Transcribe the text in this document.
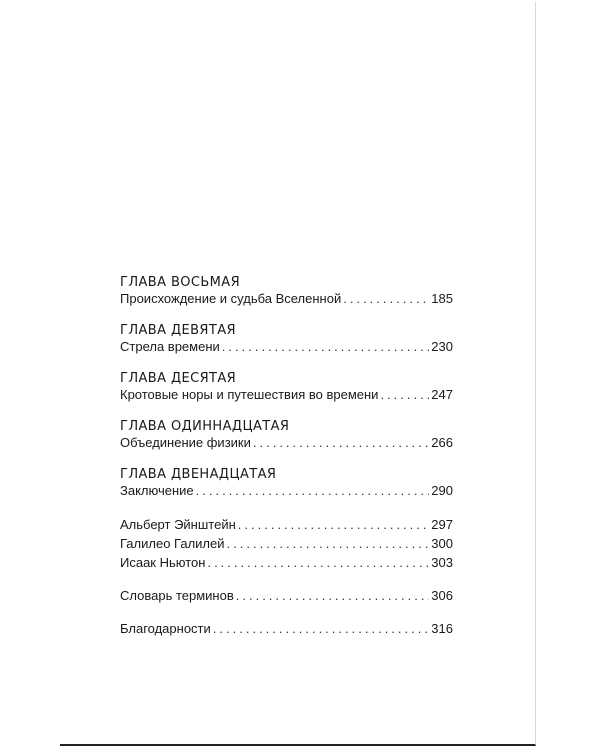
ГЛАВА ВОСЬМАЯ
Происхождение и судьба Вселенной .....	185
ГЛАВА ДЕВЯТАЯ
Стрела времени .....	230
ГЛАВА ДЕСЯТАЯ
Кротовые норы и путешествия во времени .....	247
ГЛАВА ОДИННАДЦАТАЯ
Объединение физики .....	266
ГЛАВА ДВЕНАДЦАТАЯ
Заключение .....	290
Альберт Эйнштейн .....	297
Галилео Галилей .....	300
Исаак Ньютон .....	303
Словарь терминов .....	306
Благодарности .....	316
